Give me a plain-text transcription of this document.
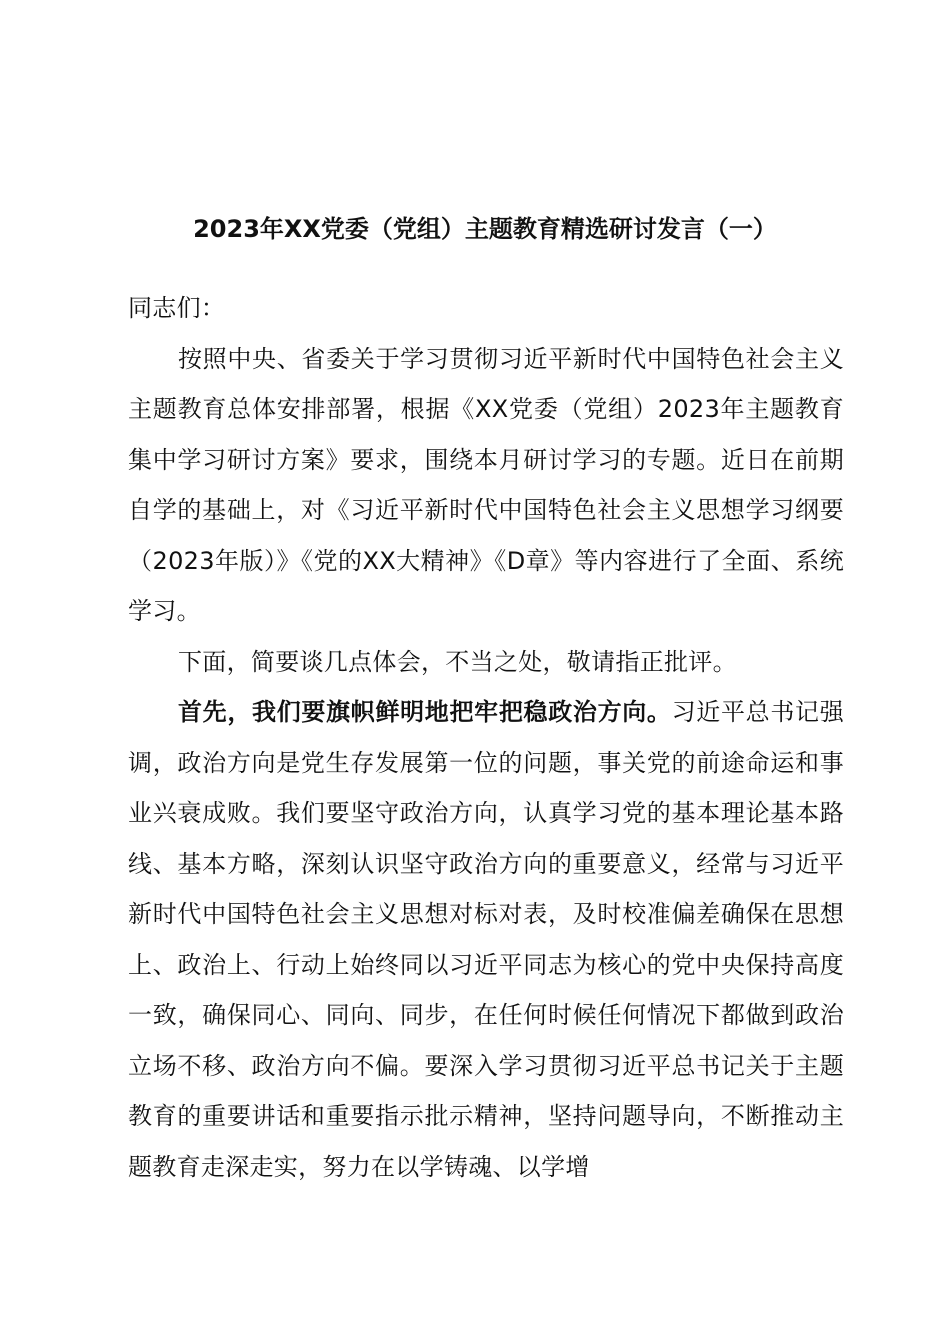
2023年XX党委（党组）主题教育精选研讨发言（一）

同志们：

按照中央、省委关于学习贯彻习近平新时代中国特色社会主义主题教育总体安排部署，根据《XX党委（党组）2023年主题教育集中学习研讨方案》要求，围绕本月研讨学习的专题。近日在前期自学的基础上，对《习近平新时代中国特色社会主义思想学习纲要（2023年版）》《党的XX大精神》《D章》等内容进行了全面、系统学习。

下面，简要谈几点体会，不当之处，敬请指正批评。

首先，我们要旗帜鲜明地把牢把稳政治方向。习近平总书记强调，政治方向是党生存发展第一位的问题，事关党的前途命运和事业兴衰成败。我们要坚守政治方向，认真学习党的基本理论基本路线、基本方略，深刻认识坚守政治方向的重要意义，经常与习近平新时代中国特色社会主义思想对标对表，及时校准偏差确保在思想上、政治上、行动上始终同以习近平同志为核心的党中央保持高度一致，确保同心、同向、同步，在任何时候任何情况下都做到政治立场不移、政治方向不偏。要深入学习贯彻习近平总书记关于主题教育的重要讲话和重要指示批示精神，坚持问题导向，不断推动主题教育走深走实，努力在以学铸魂、以学增
